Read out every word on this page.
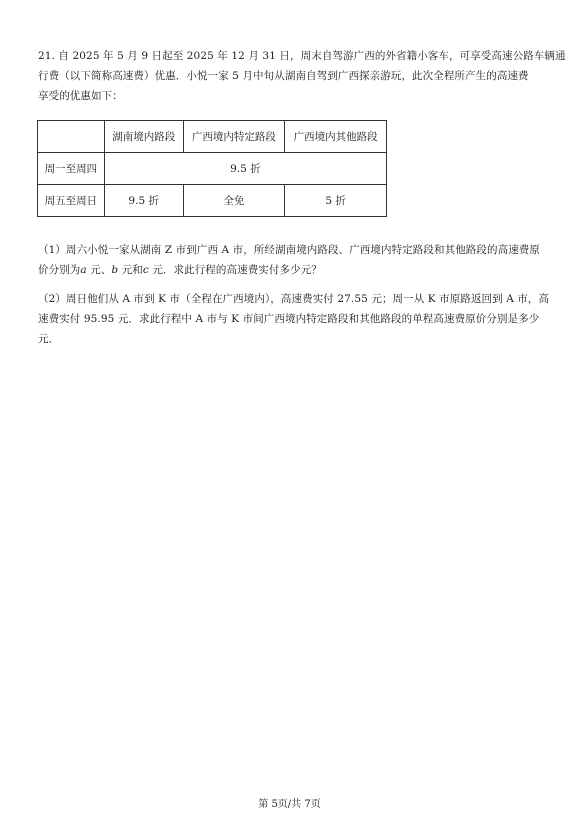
21. 自 2025 年 5 月 9 日起至 2025 年 12 月 31 日，周末自驾游广西的外省籍小客车，可享受高速公路车辆通
行费（以下简称高速费）优惠．小悦一家 5 月中旬从湖南自驾到广西探亲游玩，此次全程所产生的高速费
享受的优惠如下：
	湖南境内路段	广西境内特定路段	广西境内其他路段
周一至周四	9.5 折		
周五至周日	9.5 折	全免	5 折
（1）周六小悦一家从湖南 Z 市到广西 A 市，所经湖南境内路段、广西境内特定路段和其他路段的高速费原
价分别为a 元、b 元和c 元．求此行程的高速费实付多少元？
（2）周日他们从 A 市到 K 市（全程在广西境内），高速费实付 27.55 元；周一从 K 市原路返回到 A 市，高
速费实付 95.95 元．求此行程中 A 市与 K 市间广西境内特定路段和其他路段的单程高速费原价分别是多少
元．
第 5页/共 7页
